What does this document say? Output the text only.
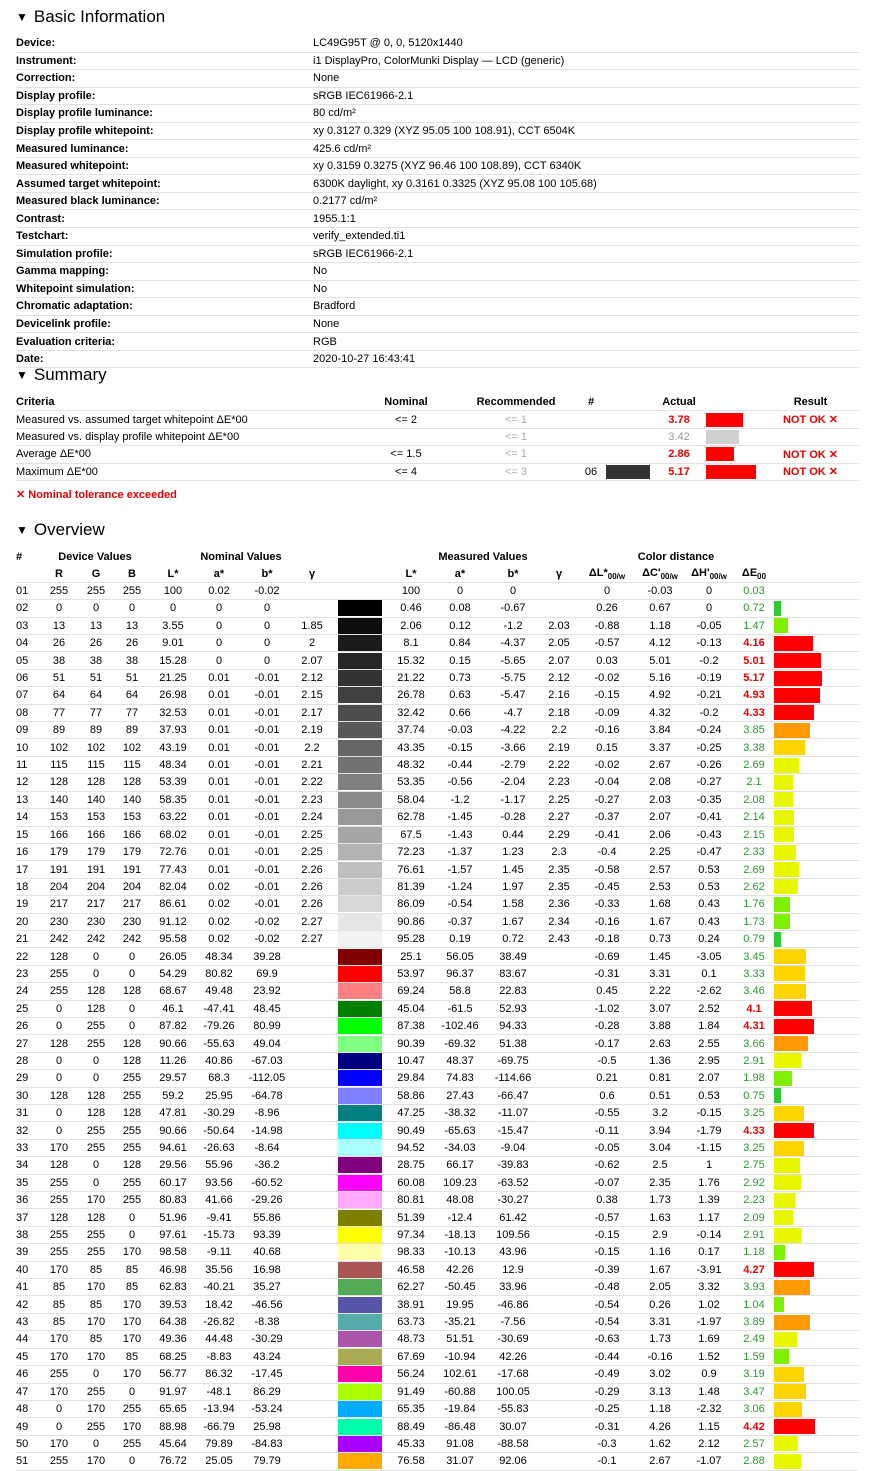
▼ Basic Information
Device:	LC49G95T @ 0, 0, 5120x1440
Instrument:	i1 DisplayPro, ColorMunki Display — LCD (generic)
Correction:	None
Display profile:	sRGB IEC61966-2.1
Display profile luminance:	80 cd/m²
Display profile whitepoint:	xy 0.3127 0.329 (XYZ 95.05 100 108.91), CCT 6504K
Measured luminance:	425.6 cd/m²
Measured whitepoint:	xy 0.3159 0.3275 (XYZ 96.46 100 108.89), CCT 6340K
Assumed target whitepoint:	6300K daylight, xy 0.3161 0.3325 (XYZ 95.08 100 105.68)
Measured black luminance:	0.2177 cd/m²
Contrast:	1955.1:1
Testchart:	verify_extended.ti1
Simulation profile:	sRGB IEC61966-2.1
Gamma mapping:	No
Whitepoint simulation:	No
Chromatic adaptation:	Bradford
Devicelink profile:	None
Evaluation criteria:	RGB
Date:	2020-10-27 16:43:41
▼ Summary
Criteria	Nominal	Recommended	#		Actual		Result
Measured vs. assumed target whitepoint ΔE*00	<= 2	<= 1			3.78		NOT OK ✕
Measured vs. display profile whitepoint ΔE*00		<= 1			3.42		
Average ΔE*00	<= 1.5	<= 1			2.86		NOT OK ✕
Maximum ΔE*00	<= 4	<= 3	06		5.17		NOT OK ✕
✕ Nominal tolerance exceeded
▼ Overview
#	Device Values			Nominal Values					Measured Values				Color distance				
	R	G	B	L*	a*	b*	γ		L*	a*	b*	γ	$\Delta L*_{00/w}$	$\Delta C'_{00/w}$	$\Delta H'_{00/w}$	$\Delta E_{00}$	
01	255	255	255	100	0.02	-0.02			100	0	0		0	-0.03	0	0.03	

02	0	0	0	0	0	0			0.46	0.08	-0.67		0.26	0.67	0	0.72	

03	13	13	13	3.55	0	0	1.85		2.06	0.12	-1.2	2.03	-0.88	1.18	-0.05	1.47	

04	26	26	26	9.01	0	0	2		8.1	0.84	-4.37	2.05	-0.57	4.12	-0.13	4.16	

05	38	38	38	15.28	0	0	2.07		15.32	0.15	-5.65	2.07	0.03	5.01	-0.2	5.01	

06	51	51	51	21.25	0.01	-0.01	2.12		21.22	0.73	-5.75	2.12	-0.02	5.16	-0.19	5.17	

07	64	64	64	26.98	0.01	-0.01	2.15		26.78	0.63	-5.47	2.16	-0.15	4.92	-0.21	4.93	

08	77	77	77	32.53	0.01	-0.01	2.17		32.42	0.66	-4.7	2.18	-0.09	4.32	-0.2	4.33	

09	89	89	89	37.93	0.01	-0.01	2.19		37.74	-0.03	-4.22	2.2	-0.16	3.84	-0.24	3.85	

10	102	102	102	43.19	0.01	-0.01	2.2		43.35	-0.15	-3.66	2.19	0.15	3.37	-0.25	3.38	

11	115	115	115	48.34	0.01	-0.01	2.21		48.32	-0.44	-2.79	2.22	-0.02	2.67	-0.26	2.69	

12	128	128	128	53.39	0.01	-0.01	2.22		53.35	-0.56	-2.04	2.23	-0.04	2.08	-0.27	2.1	

13	140	140	140	58.35	0.01	-0.01	2.23		58.04	-1.2	-1.17	2.25	-0.27	2.03	-0.35	2.08	

14	153	153	153	63.22	0.01	-0.01	2.24		62.78	-1.45	-0.28	2.27	-0.37	2.07	-0.41	2.14	

15	166	166	166	68.02	0.01	-0.01	2.25		67.5	-1.43	0.44	2.29	-0.41	2.06	-0.43	2.15	

16	179	179	179	72.76	0.01	-0.01	2.25		72.23	-1.37	1.23	2.3	-0.4	2.25	-0.47	2.33	

17	191	191	191	77.43	0.01	-0.01	2.26		76.61	-1.57	1.45	2.35	-0.58	2.57	0.53	2.69	

18	204	204	204	82.04	0.02	-0.01	2.26		81.39	-1.24	1.97	2.35	-0.45	2.53	0.53	2.62	

19	217	217	217	86.61	0.02	-0.01	2.26		86.09	-0.54	1.58	2.36	-0.33	1.68	0.43	1.76	

20	230	230	230	91.12	0.02	-0.02	2.27		90.86	-0.37	1.67	2.34	-0.16	1.67	0.43	1.73	

21	242	242	242	95.58	0.02	-0.02	2.27		95.28	0.19	0.72	2.43	-0.18	0.73	0.24	0.79	

22	128	0	0	26.05	48.34	39.28			25.1	56.05	38.49		-0.69	1.45	-3.05	3.45	

23	255	0	0	54.29	80.82	69.9			53.97	96.37	83.67		-0.31	3.31	0.1	3.33	

24	255	128	128	68.67	49.48	23.92			69.24	58.8	22.83		0.45	2.22	-2.62	3.46	

25	0	128	0	46.1	-47.41	48.45			45.04	-61.5	52.93		-1.02	3.07	2.52	4.1	

26	0	255	0	87.82	-79.26	80.99			87.38	-102.46	94.33		-0.28	3.88	1.84	4.31	

27	128	255	128	90.66	-55.63	49.04			90.39	-69.32	51.38		-0.17	2.63	2.55	3.66	

28	0	0	128	11.26	40.86	-67.03			10.47	48.37	-69.75		-0.5	1.36	2.95	2.91	

29	0	0	255	29.57	68.3	-112.05			29.84	74.83	-114.66		0.21	0.81	2.07	1.98	

30	128	128	255	59.2	25.95	-64.78			58.86	27.43	-66.47		0.6	0.51	0.53	0.75	

31	0	128	128	47.81	-30.29	-8.96			47.25	-38.32	-11.07		-0.55	3.2	-0.15	3.25	

32	0	255	255	90.66	-50.64	-14.98			90.49	-65.63	-15.47		-0.11	3.94	-1.79	4.33	

33	170	255	255	94.61	-26.63	-8.64			94.52	-34.03	-9.04		-0.05	3.04	-1.15	3.25	

34	128	0	128	29.56	55.96	-36.2			28.75	66.17	-39.83		-0.62	2.5	1	2.75	

35	255	0	255	60.17	93.56	-60.52			60.08	109.23	-63.52		-0.07	2.35	1.76	2.92	

36	255	170	255	80.83	41.66	-29.26			80.81	48.08	-30.27		0.38	1.73	1.39	2.23	

37	128	128	0	51.96	-9.41	55.86			51.39	-12.4	61.42		-0.57	1.63	1.17	2.09	

38	255	255	0	97.61	-15.73	93.39			97.34	-18.13	109.56		-0.15	2.9	-0.14	2.91	

39	255	255	170	98.58	-9.11	40.68			98.33	-10.13	43.96		-0.15	1.16	0.17	1.18	

40	170	85	85	46.98	35.56	16.98			46.58	42.26	12.9		-0.39	1.67	-3.91	4.27	

41	85	170	85	62.83	-40.21	35.27			62.27	-50.45	33.96		-0.48	2.05	3.32	3.93	

42	85	85	170	39.53	18.42	-46.56			38.91	19.95	-46.86		-0.54	0.26	1.02	1.04	

43	85	170	170	64.38	-26.82	-8.38			63.73	-35.21	-7.56		-0.54	3.31	-1.97	3.89	

44	170	85	170	49.36	44.48	-30.29			48.73	51.51	-30.69		-0.63	1.73	1.69	2.49	

45	170	170	85	68.25	-8.83	43.24			67.69	-10.94	42.26		-0.44	-0.16	1.52	1.59	

46	255	0	170	56.77	86.32	-17.45			56.24	102.61	-17.68		-0.49	3.02	0.9	3.19	

47	170	255	0	91.97	-48.1	86.29			91.49	-60.88	100.05		-0.29	3.13	1.48	3.47	

48	0	170	255	65.65	-13.94	-53.24			65.35	-19.84	-55.83		-0.25	1.18	-2.32	3.06	

49	0	255	170	88.98	-66.79	25.98			88.49	-86.48	30.07		-0.31	4.26	1.15	4.42	

50	170	0	255	45.64	79.89	-84.83			45.33	91.08	-88.58		-0.3	1.62	2.12	2.57	

51	255	170	0	76.72	25.05	79.79			76.58	31.07	92.06		-0.1	2.67	-1.07	2.88	
